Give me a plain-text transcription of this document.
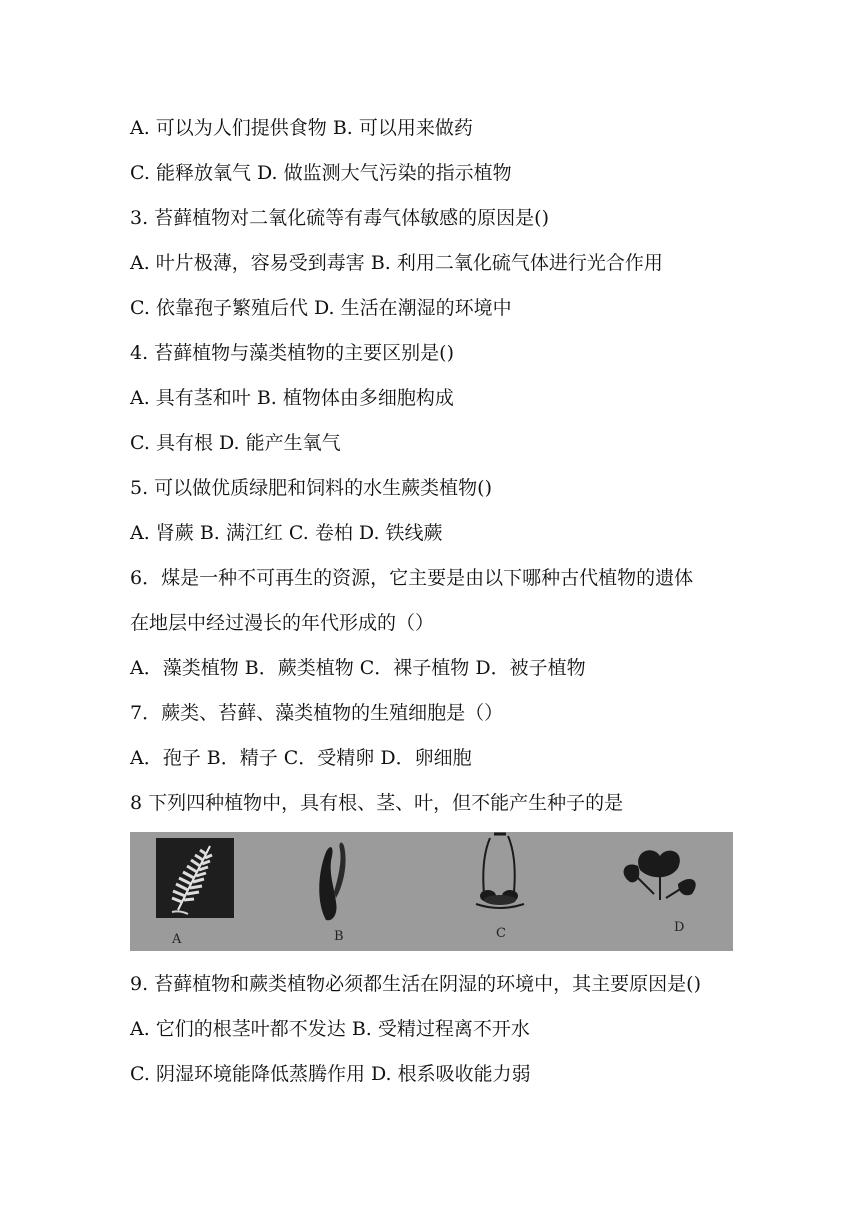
A. 可以为人们提供食物 B. 可以用来做药
C. 能释放氧气 D. 做监测大气污染的指示植物
3. 苔藓植物对二氧化硫等有毒气体敏感的原因是()
A. 叶片极薄，容易受到毒害 B. 利用二氧化硫气体进行光合作用
C. 依靠孢子繁殖后代 D. 生活在潮湿的环境中
4. 苔藓植物与藻类植物的主要区别是()
A. 具有茎和叶 B. 植物体由多细胞构成
C. 具有根 D. 能产生氧气
5. 可以做优质绿肥和饲料的水生蕨类植物()
A. 肾蕨 B. 满江红 C. 卷柏 D. 铁线蕨
6．煤是一种不可再生的资源，它主要是由以下哪种古代植物的遗体
在地层中经过漫长的年代形成的（）
A．藻类植物 B．蕨类植物 C．裸子植物 D．被子植物
7．蕨类、苔藓、藻类植物的生殖细胞是（）
A．孢子 B．精子 C．受精卵 D．卵细胞
8 下列四种植物中，具有根、茎、叶，但不能产生种子的是
A	B	C	D
9. 苔藓植物和蕨类植物必须都生活在阴湿的环境中，其主要原因是()
A. 它们的根茎叶都不发达 B. 受精过程离不开水
C. 阴湿环境能降低蒸腾作用 D. 根系吸收能力弱
